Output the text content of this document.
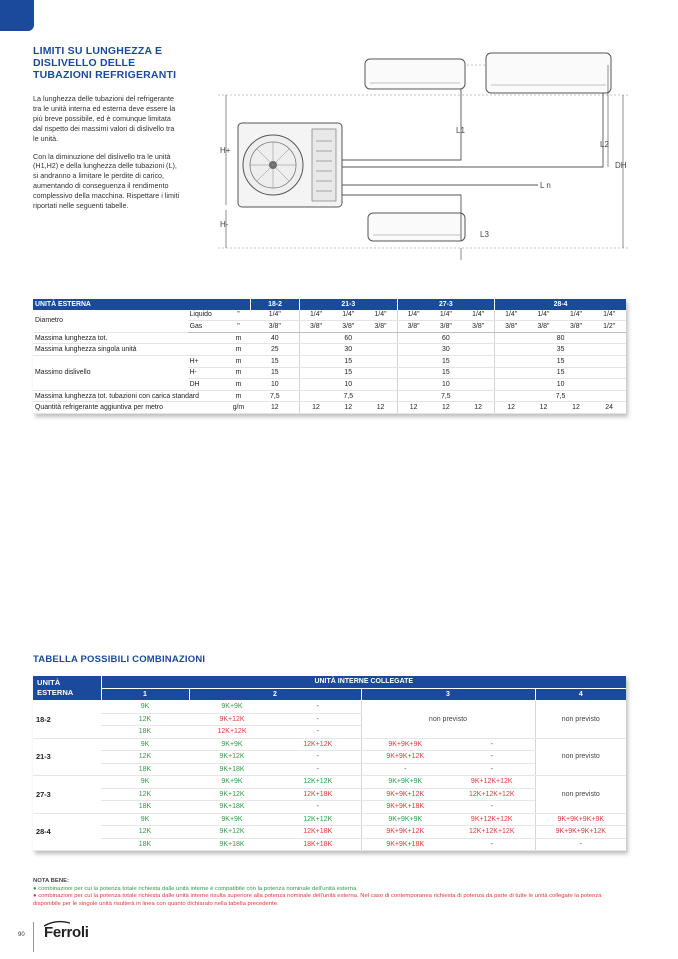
LIMITI SU LUNGHEZZA E DISLIVELLO DELLE TUBAZIONI REFRIGERANTI

La lunghezza delle tubazioni del refrigerante tra le unità interna ed esterna deve essere la più breve possibile, ed è comunque limitata dal rispetto dei massimi valori di dislivello tra le unità.

Con la diminuzione del dislivello tra le unità (H1,H2) e della lunghezza delle tubazioni (L), si andranno a limitare le perdite di carico, aumentando di conseguenza il rendimento complessivo della macchina. Rispettare i limiti riportati nelle seguenti tabelle.

L1
L2
DH
H+
H-
L n
L3
UNITÀ ESTERNA			18-2	21-3			27-3			28-4			
Diametro	Liquido	"	1/4"	1/4"	1/4"	1/4"	1/4"	1/4"	1/4"	1/4"	1/4"	1/4"	1/4"
	Gas	"	3/8"	3/8"	3/8"	3/8"	3/8"	3/8"	3/8"	3/8"	3/8"	3/8"	1/2"
Massima lunghezza tot.		m	40	60			60			80			
Massima lunghezza singola unità		m	25	30			30			35			
Massimo dislivello	H+	m	15	15			15			15			
	H-	m	15	15			15			15			
	DH	m	10	10			10			10			
Massima lunghezza tot. tubazioni con carica standard		m	7,5	7,5			7,5			7,5			
Quantità refrigerante aggiuntiva per metro		g/m	12	12	12	12	12	12	12	12	12	12	24
TABELLA POSSIBILI COMBINAZIONI
UNITÀ
ESTERNA	UNITÀ INTERNE COLLEGATE					
	1	2		3		4
18-2	9K	9K+9K	-	non previsto		non previsto
	12K	9K+12K	-			
	18K	12K+12K	-			
21-3	9K	9K+9K	12K+12K	9K+9K+9K	-	non previsto
	12K	9K+12K	-	9K+9K+12K	-	
	18K	9K+18K	-	-	-	
27-3	9K	9K+9K	12K+12K	9K+9K+9K	9K+12K+12K	non previsto
	12K	9K+12K	12K+18K	9K+9K+12K	12K+12K+12K	
	18K	9K+18K	-	9K+9K+18K	-	
28-4	9K	9K+9K	12K+12K	9K+9K+9K	9K+12K+12K	9K+9K+9K+9K
	12K	9K+12K	12K+18K	9K+9K+12K	12K+12K+12K	9K+9K+9K+12K
	18K	9K+18K	18K+18K	9K+9K+18K	-	-
NOTA BENE:
● combinazioni per cui la potenza totale richiesta dalle unità interne è compatibile con la potenza nominale dell'unità esterna.
● combinazioni per cui la potenza totale richiesta dalle unità interne risulta superiore alla potenza nominale dell'unità esterna. Nel caso di contemporanea richiesta di potenza da parte di tutte le unità collegate la potenza disponibile per le singole unità risulterà in linea con quanto dichiarato nella tabella precedente.
90 Ferroli
